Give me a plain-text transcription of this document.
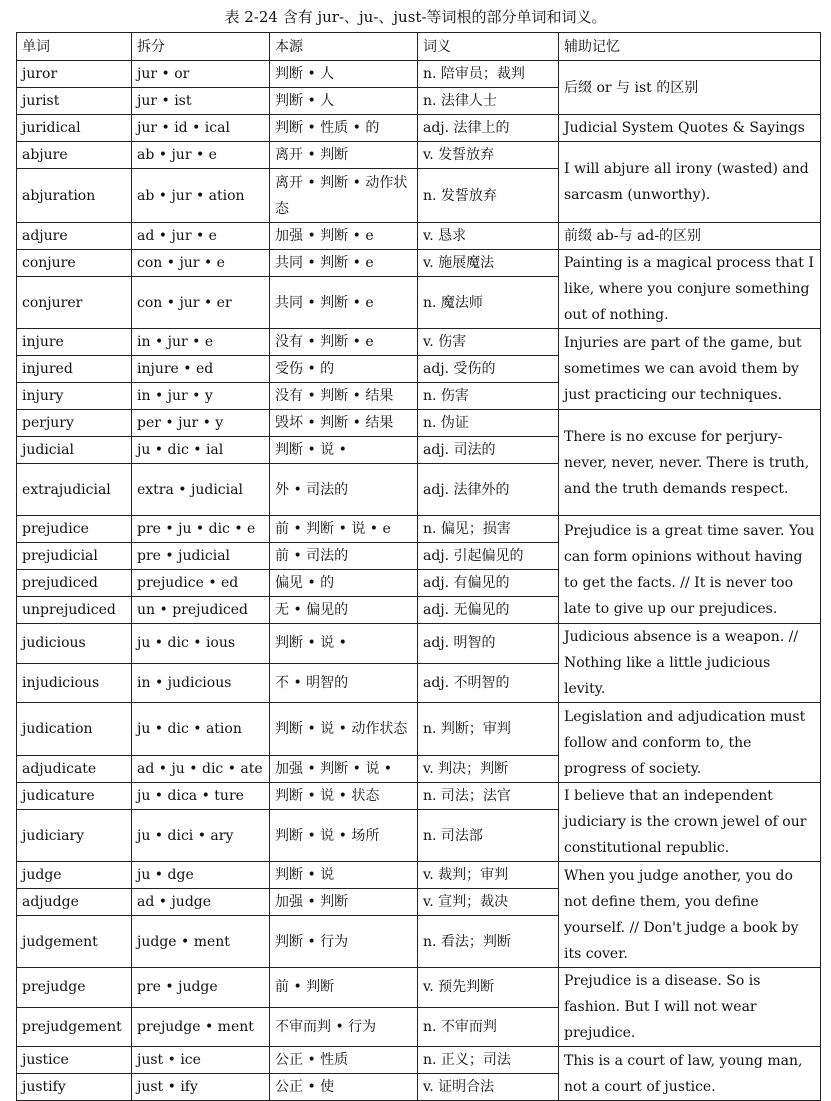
表 2-24 含有 jur-、ju-、just-等词根的部分单词和词义。
单词	拆分	本源	词义	辅助记忆
juror	jur • or	判断 • 人	n. 陪审员；裁判	后缀 or 与 ist 的区别
jurist	jur • ist	判断 • 人	n. 法律人士	
juridical	jur • id • ical	判断 • 性质 • 的	adj. 法律上的	Judicial System Quotes & Sayings
abjure	ab • jur • e	离开 • 判断	v. 发誓放弃	I will abjure all irony (wasted) and sarcasm (unworthy).
abjuration	ab • jur • ation	离开 • 判断 • 动作状态	n. 发誓放弃	
adjure	ad • jur • e	加强 • 判断 • e	v. 恳求	前缀 ab-与 ad-的区别
conjure	con • jur • e	共同 • 判断 • e	v. 施展魔法	Painting is a magical process that I like, where you conjure something out of nothing.
conjurer	con • jur • er	共同 • 判断 • e	n. 魔法师	
injure	in • jur • e	没有 • 判断 • e	v. 伤害	Injuries are part of the game, but sometimes we can avoid them by just practicing our techniques.
injured	injure • ed	受伤 • 的	adj. 受伤的	
injury	in • jur • y	没有 • 判断 • 结果	n. 伤害	
perjury	per • jur • y	毁坏 • 判断 • 结果	n. 伪证	There is no excuse for perjury-never, never, never. There is truth, and the truth demands respect.
judicial	ju • dic • ial	判断 • 说 •	adj. 司法的	
extrajudicial	extra • judicial	外 • 司法的	adj. 法律外的	
prejudice	pre • ju • dic • e	前 • 判断 • 说 • e	n. 偏见；损害	Prejudice is a great time saver. You can form opinions without having to get the facts. // It is never too late to give up our prejudices.
prejudicial	pre • judicial	前 • 司法的	adj. 引起偏见的	
prejudiced	prejudice • ed	偏见 • 的	adj. 有偏见的	
unprejudiced	un • prejudiced	无 • 偏见的	adj. 无偏见的	
judicious	ju • dic • ious	判断 • 说 •	adj. 明智的	Judicious absence is a weapon. // Nothing like a little judicious levity.
injudicious	in • judicious	不 • 明智的	adj. 不明智的	
judication	ju • dic • ation	判断 • 说 • 动作状态	n. 判断；审判	Legislation and adjudication must follow and conform to, the progress of society.
adjudicate	ad • ju • dic • ate	加强 • 判断 • 说 •	v. 判决；判断	
judicature	ju • dica • ture	判断 • 说 • 状态	n. 司法；法官	I believe that an independent judiciary is the crown jewel of our constitutional republic.
judiciary	ju • dici • ary	判断 • 说 • 场所	n. 司法部	
judge	ju • dge	判断 • 说	v. 裁判；审判	When you judge another, you do not define them, you define yourself. // Don't judge a book by its cover.
adjudge	ad • judge	加强 • 判断	v. 宣判；裁决	
judgement	judge • ment	判断 • 行为	n. 看法；判断	
prejudge	pre • judge	前 • 判断	v. 预先判断	Prejudice is a disease. So is fashion. But I will not wear prejudice.
prejudgement	prejudge • ment	不审而判 • 行为	n. 不审而判	
justice	just • ice	公正 • 性质	n. 正义；司法	This is a court of law, young man, not a court of justice.
justify	just • ify	公正 • 使	v. 证明合法	
